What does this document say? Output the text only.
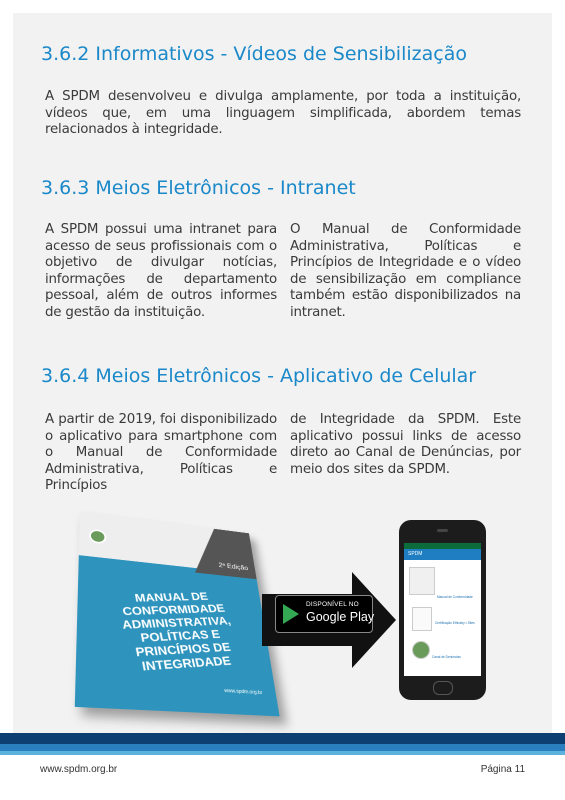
3.6.2 Informativos - Vídeos de Sensibilização

A SPDM desenvolveu e divulga amplamente, por toda a instituição, vídeos que, em uma linguagem simplificada, abordem temas relacionados à integridade.

3.6.3 Meios Eletrônicos - Intranet

A SPDM possui uma intranet para acesso de seus profissionais com o objetivo de divulgar notícias, informações de departamento pessoal, além de outros informes de gestão da instituição.

O Manual de Conformidade Administrativa, Políticas e Princípios de Integridade e o vídeo de sensibilização em compliance também estão disponibilizados na intranet.

3.6.4 Meios Eletrônicos - Aplicativo de Celular

A partir de 2019, foi disponibilizado o aplicativo para smartphone com o Manual de Conformidade Administrativa, Políticas e Princípios

de Integridade da SPDM. Este aplicativo possui links de acesso direto ao Canal de Denúncias, por meio dos sites da SPDM.

2ª Edição
MANUAL DE CONFORMIDADE ADMINISTRATIVA, POLÍTICAS E PRINCÍPIOS DE INTEGRIDADE
www.spdm.org.br
DISPONÍVEL NO
Google Play
SPDM
Manual de Conformidade
Certificação Ethicsby • Sites
Canal de Denúncias
www.spdm.org.br	Página 11
